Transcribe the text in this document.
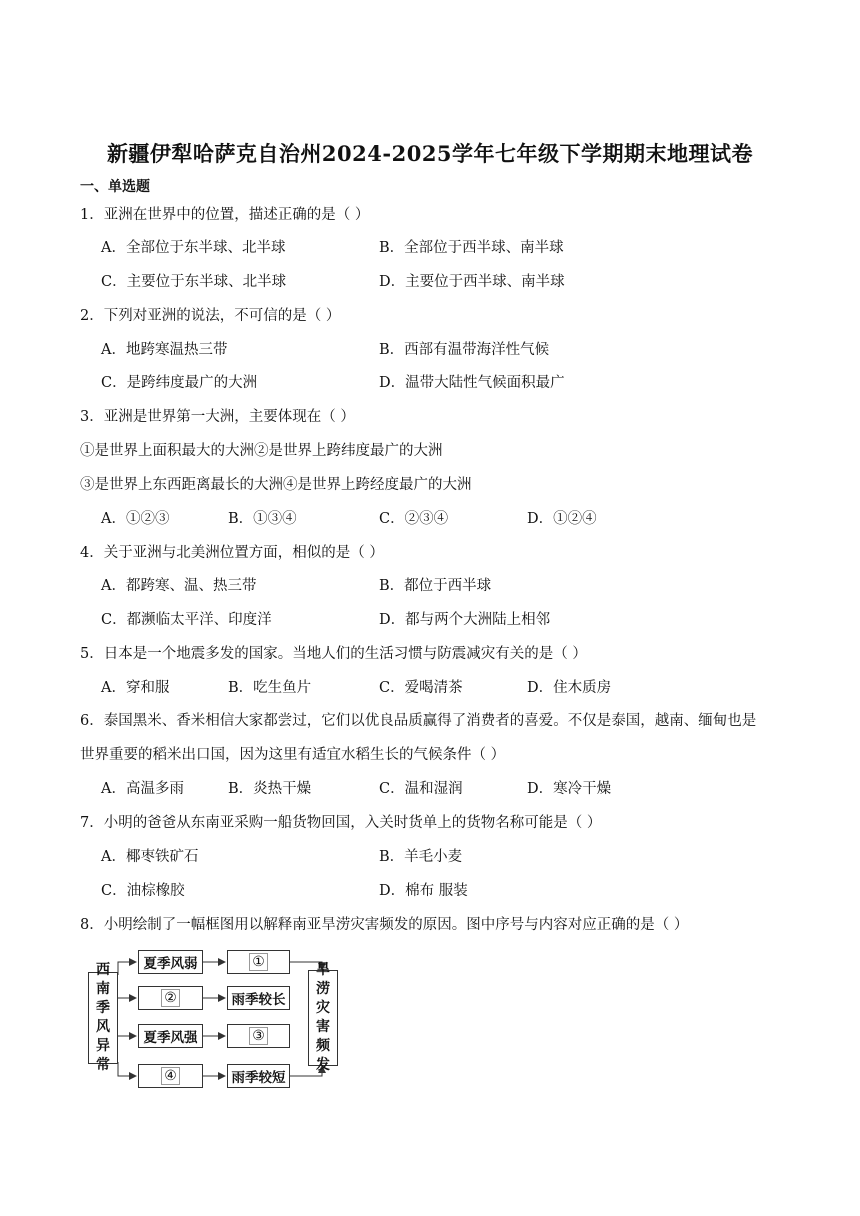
新疆伊犁哈萨克自治州2024-2025学年七年级下学期期末地理试卷
一、单选题
1．亚洲在世界中的位置，描述正确的是（ ）
A．全部位于东半球、北半球	B．全部位于西半球、南半球
C．主要位于东半球、北半球	D．主要位于西半球、南半球
2．下列对亚洲的说法，不可信的是（ ）
A．地跨寒温热三带	B．西部有温带海洋性气候
C．是跨纬度最广的大洲	D．温带大陆性气候面积最广
3．亚洲是世界第一大洲，主要体现在（ ）
①是世界上面积最大的大洲②是世界上跨纬度最广的大洲
③是世界上东西距离最长的大洲④是世界上跨经度最广的大洲
A．①②③	B．①③④	C．②③④	D．①②④
4．关于亚洲与北美洲位置方面，相似的是（ ）
A．都跨寒、温、热三带	B．都位于西半球
C．都濒临太平洋、印度洋	D．都与两个大洲陆上相邻
5．日本是一个地震多发的国家。当地人们的生活习惯与防震减灾有关的是（ ）
A．穿和服	B．吃生鱼片	C．爱喝清茶	D．住木质房
6．泰国黑米、香米相信大家都尝过，它们以优良品质赢得了消费者的喜爱。不仅是泰国，越南、缅甸也是
世界重要的稻米出口国，因为这里有适宜水稻生长的气候条件（ ）
A．高温多雨	B．炎热干燥	C．温和湿润	D．寒冷干燥
7．小明的爸爸从东南亚采购一船货物回国，入关时货单上的货物名称可能是（ ）
A．椰枣铁矿石	B．羊毛小麦
C．油棕橡胶	D．棉布 服装
8．小明绘制了一幅框图用以解释南亚旱涝灾害频发的原因。图中序号与内容对应正确的是（ ）
西
南
季
风
异
常
旱
涝
灾
害
频
发
夏季风弱	①
②	雨季较长
夏季风强	③
④	雨季较短
